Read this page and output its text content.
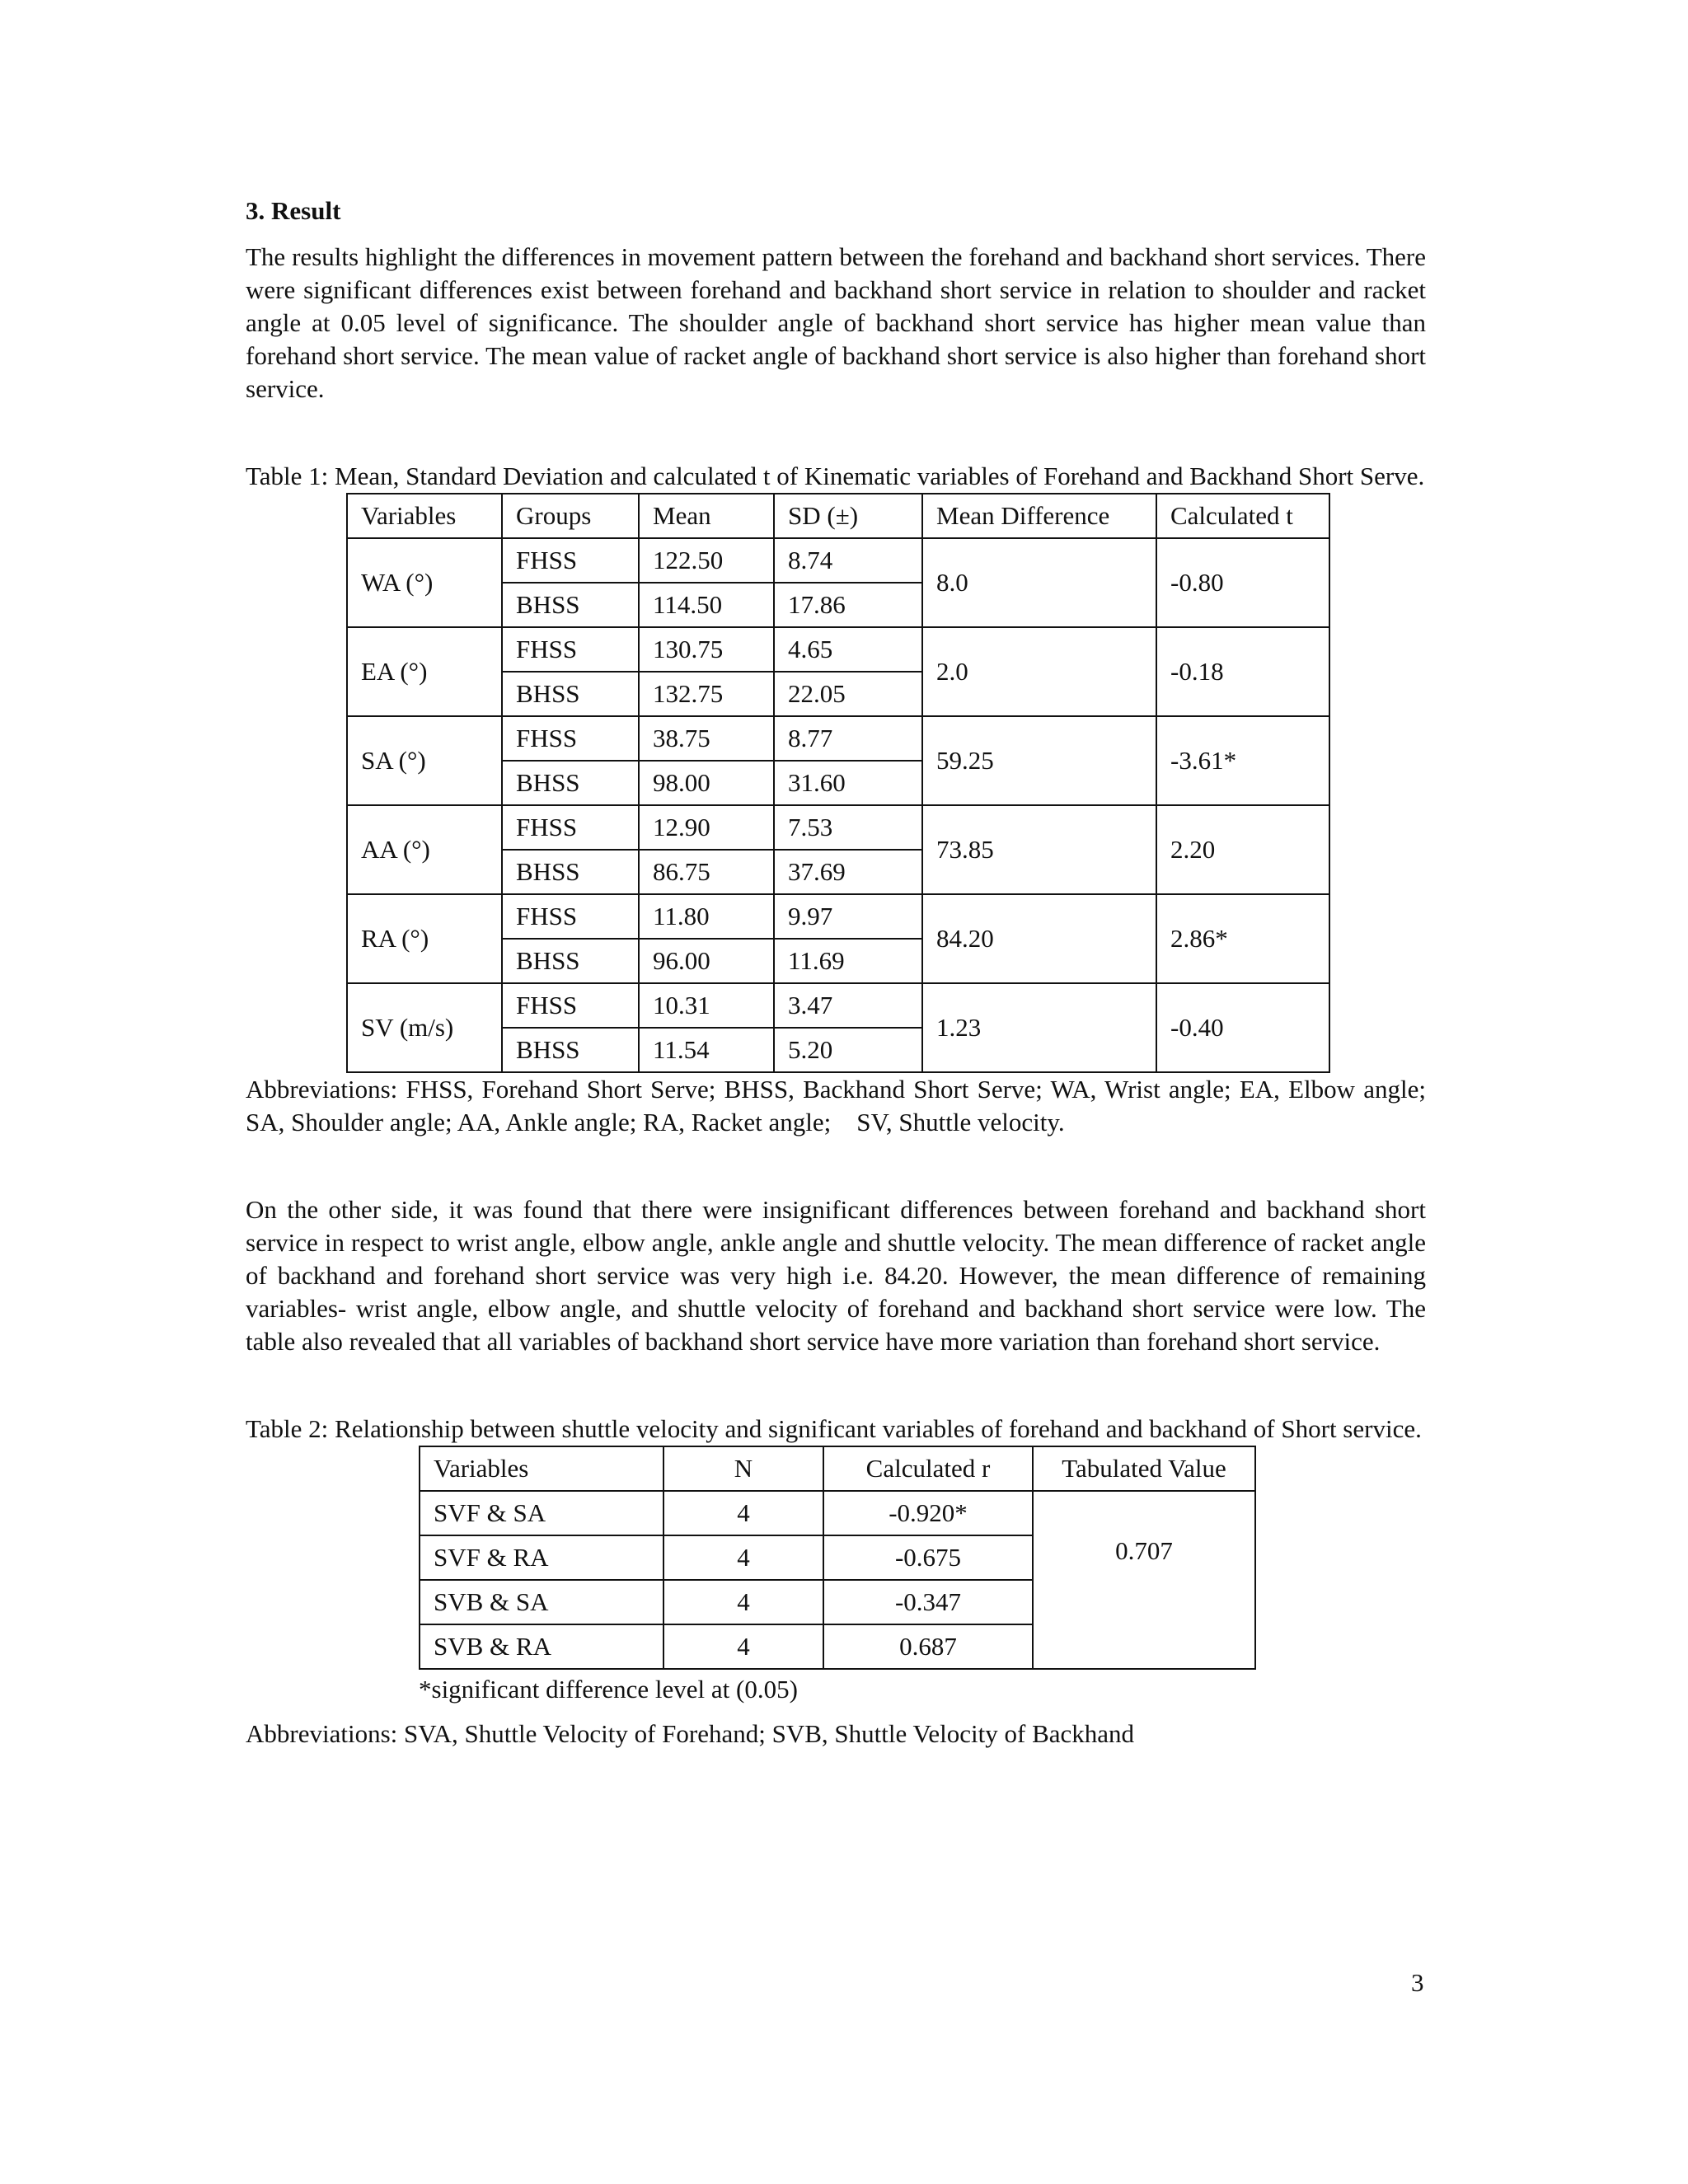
3. Result

The results highlight the differences in movement pattern between the forehand and backhand short services. There were significant differences exist between forehand and backhand short service in relation to shoulder and racket angle at 0.05 level of significance. The shoulder angle of backhand short service has higher mean value than forehand short service. The mean value of racket angle of backhand short service is also higher than forehand short service.

Table 1: Mean, Standard Deviation and calculated t of Kinematic variables of Forehand and Backhand Short Serve.

Variables	Groups	Mean	SD (±)	Mean Difference	Calculated t
WA (°)	FHSS	122.50	8.74	8.0	-0.80
	BHSS	114.50	17.86		
EA (°)	FHSS	130.75	4.65	2.0	-0.18
	BHSS	132.75	22.05		
SA (°)	FHSS	38.75	8.77	59.25	-3.61*
	BHSS	98.00	31.60		
AA (°)	FHSS	12.90	7.53	73.85	2.20
	BHSS	86.75	37.69		
RA (°)	FHSS	11.80	9.97	84.20	2.86*
	BHSS	96.00	11.69		
SV (m/s)	FHSS	10.31	3.47	1.23	-0.40
	BHSS	11.54	5.20		

Abbreviations: FHSS, Forehand Short Serve; BHSS, Backhand Short Serve; WA, Wrist angle; EA, Elbow angle; SA, Shoulder angle; AA, Ankle angle; RA, Racket angle;    SV, Shuttle velocity.

On the other side, it was found that there were insignificant differences between forehand and backhand short service in respect to wrist angle, elbow angle, ankle angle and shuttle velocity. The mean difference of racket angle of backhand and forehand short service was very high i.e. 84.20. However, the mean difference of remaining variables- wrist angle, elbow angle, and shuttle velocity of forehand and backhand short service were low. The table also revealed that all variables of backhand short service have more variation than forehand short service.

Table 2: Relationship between shuttle velocity and significant variables of forehand and backhand of Short service.

Variables	N	Calculated r	Tabulated Value
SVF & SA	4	-0.920*	0.707
SVF & RA	4	-0.675	
SVB & SA	4	-0.347	
SVB & RA	4	0.687	

*significant difference level at (0.05)

Abbreviations: SVA, Shuttle Velocity of Forehand; SVB, Shuttle Velocity of Backhand

3
